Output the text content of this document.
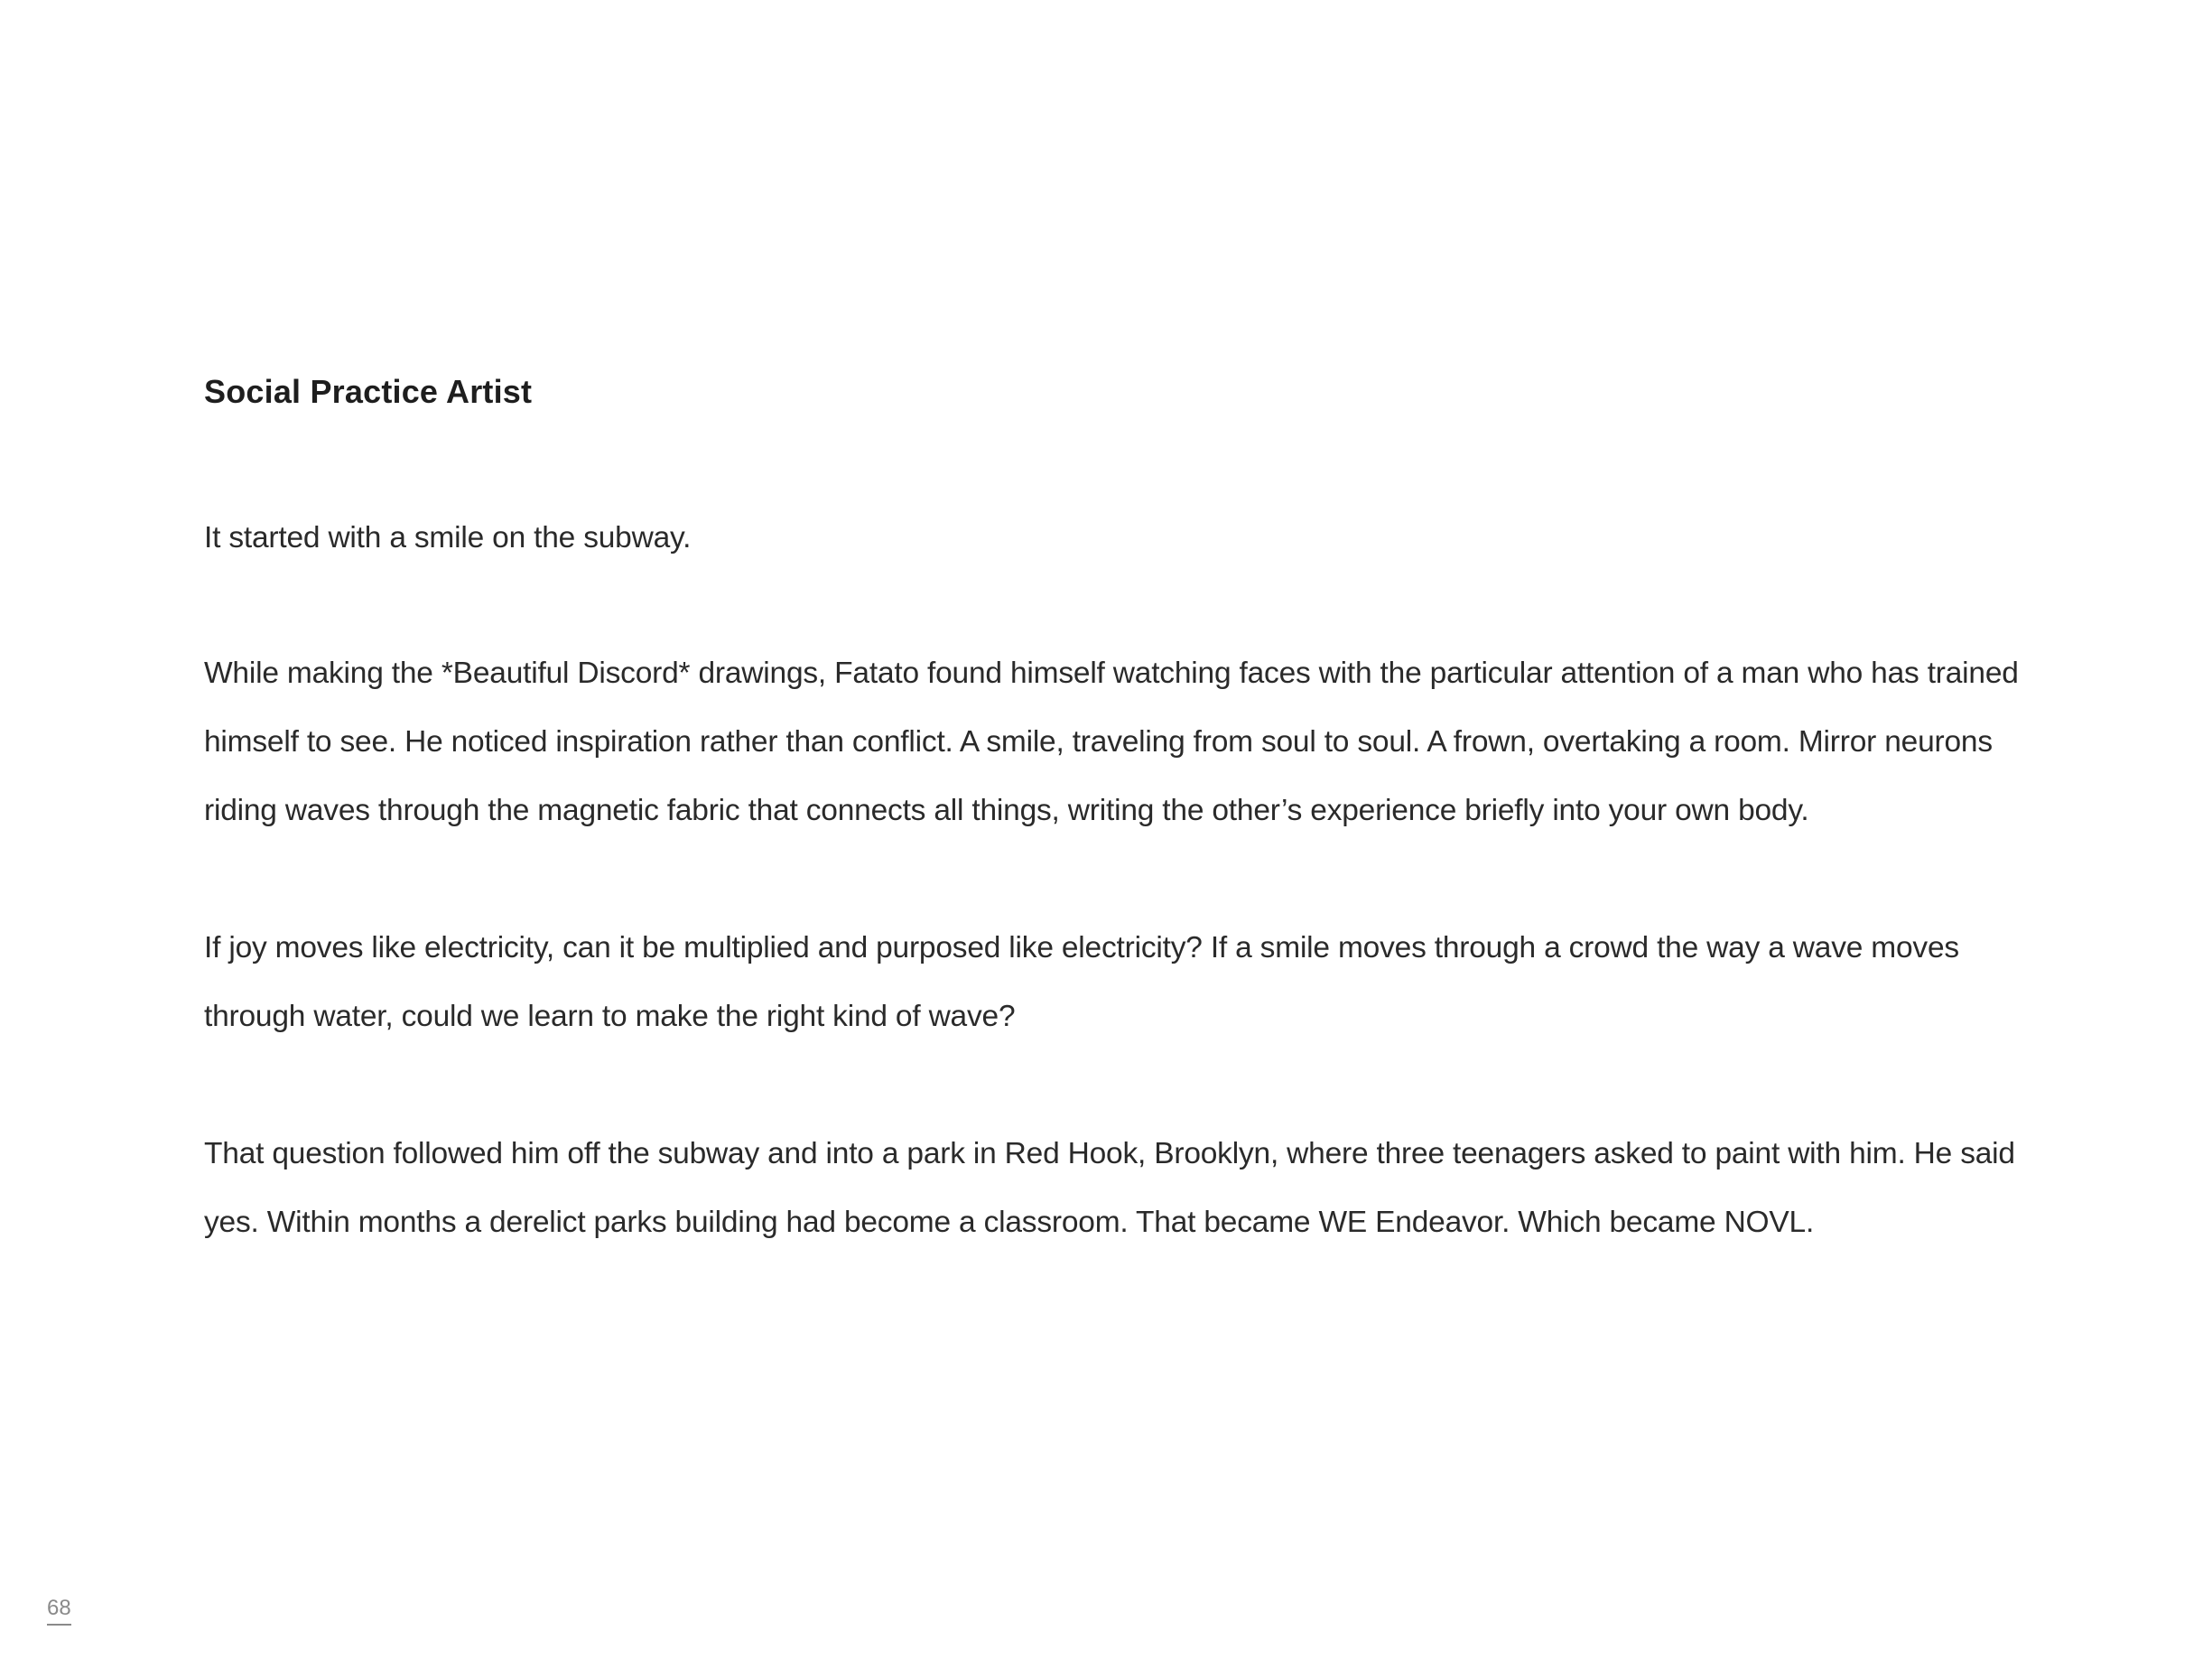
Social Practice Artist

It started with a smile on the subway.

While making the *Beautiful Discord* drawings, Fatato found himself watching faces with the particular attention of a man who has trained himself to see. He noticed inspiration rather than conflict. A smile, traveling from soul to soul. A frown, overtaking a room. Mirror neurons riding waves through the magnetic fabric that connects all things, writing the other’s experience briefly into your own body.

If joy moves like electricity, can it be multiplied and purposed like electricity? If a smile moves through a crowd the way a wave moves through water, could we learn to make the right kind of wave?

That question followed him off the subway and into a park in Red Hook, Brooklyn, where three teenagers asked to paint with him. He said yes. Within months a derelict parks building had become a classroom. That became WE Endeavor. Which became NOVL.

68
